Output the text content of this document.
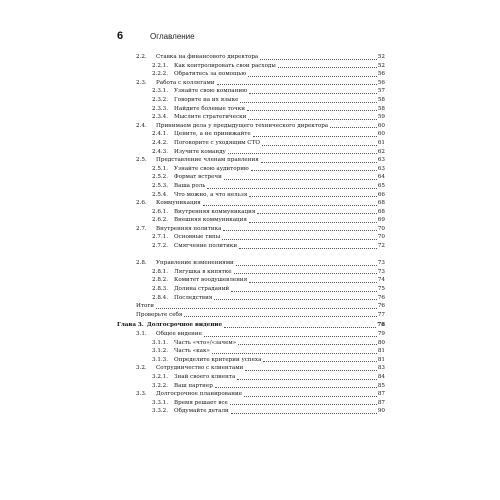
6	Оглавление
2.2.	Ставка на финансового директора	52
2.2.1.	Как контролировать свои расходы	52
2.2.2.	Обратитесь за помощью	56
2.3.	Работа с коллегами	56
2.3.1.	Узнайте свою компанию	57
2.3.2.	Говорите на их языке	58
2.3.3.	Найдите болевые точки	58
2.3.4.	Мыслите стратегически	59
2.4.	Принимаем дела у предыдущего технического директора	60
2.4.1.	Цените, а не принижайте	60
2.4.2.	Поговорите с уходящим СТО	61
2.4.3.	Изучите команду	62
2.5.	Представление членам правления	63
2.5.1.	Узнайте свою аудиторию	63
2.5.2.	Формат встречи	64
2.5.3.	Ваша роль	65
2.5.4.	Что можно, а что нельзя	66
2.6.	Коммуникация	68
2.6.1.	Внутренняя коммуникация	68
2.6.2.	Внешняя коммуникация	69
2.7.	Внутренняя политика	70
2.7.1.	Основные типы	70
2.7.2.	Смягчение политики	72
2.8.	Управление изменениями	73
2.8.1.	Лягушка в кипятке	73
2.8.2.	Комитет воодушевления	74
2.8.3.	Долина страданий	75
2.8.4.	Последствия	76
Итоги	76
Проверьте себя	77
Глава 3. Долгосрочное видение	78
3.1.	Общее видение	79
3.1.1.	Часть «что»/«зачем»	80
3.1.2.	Часть «как»	81
3.1.3.	Определите критерии успеха	81
3.2.	Сотрудничество с клиентами	83
3.2.1.	Знай своего клиента	84
3.2.2.	Ваш партнер	85
3.3.	Долгосрочное планирование	87
3.3.1.	Время решает все	87
3.3.2.	Обдумайте детали	90
